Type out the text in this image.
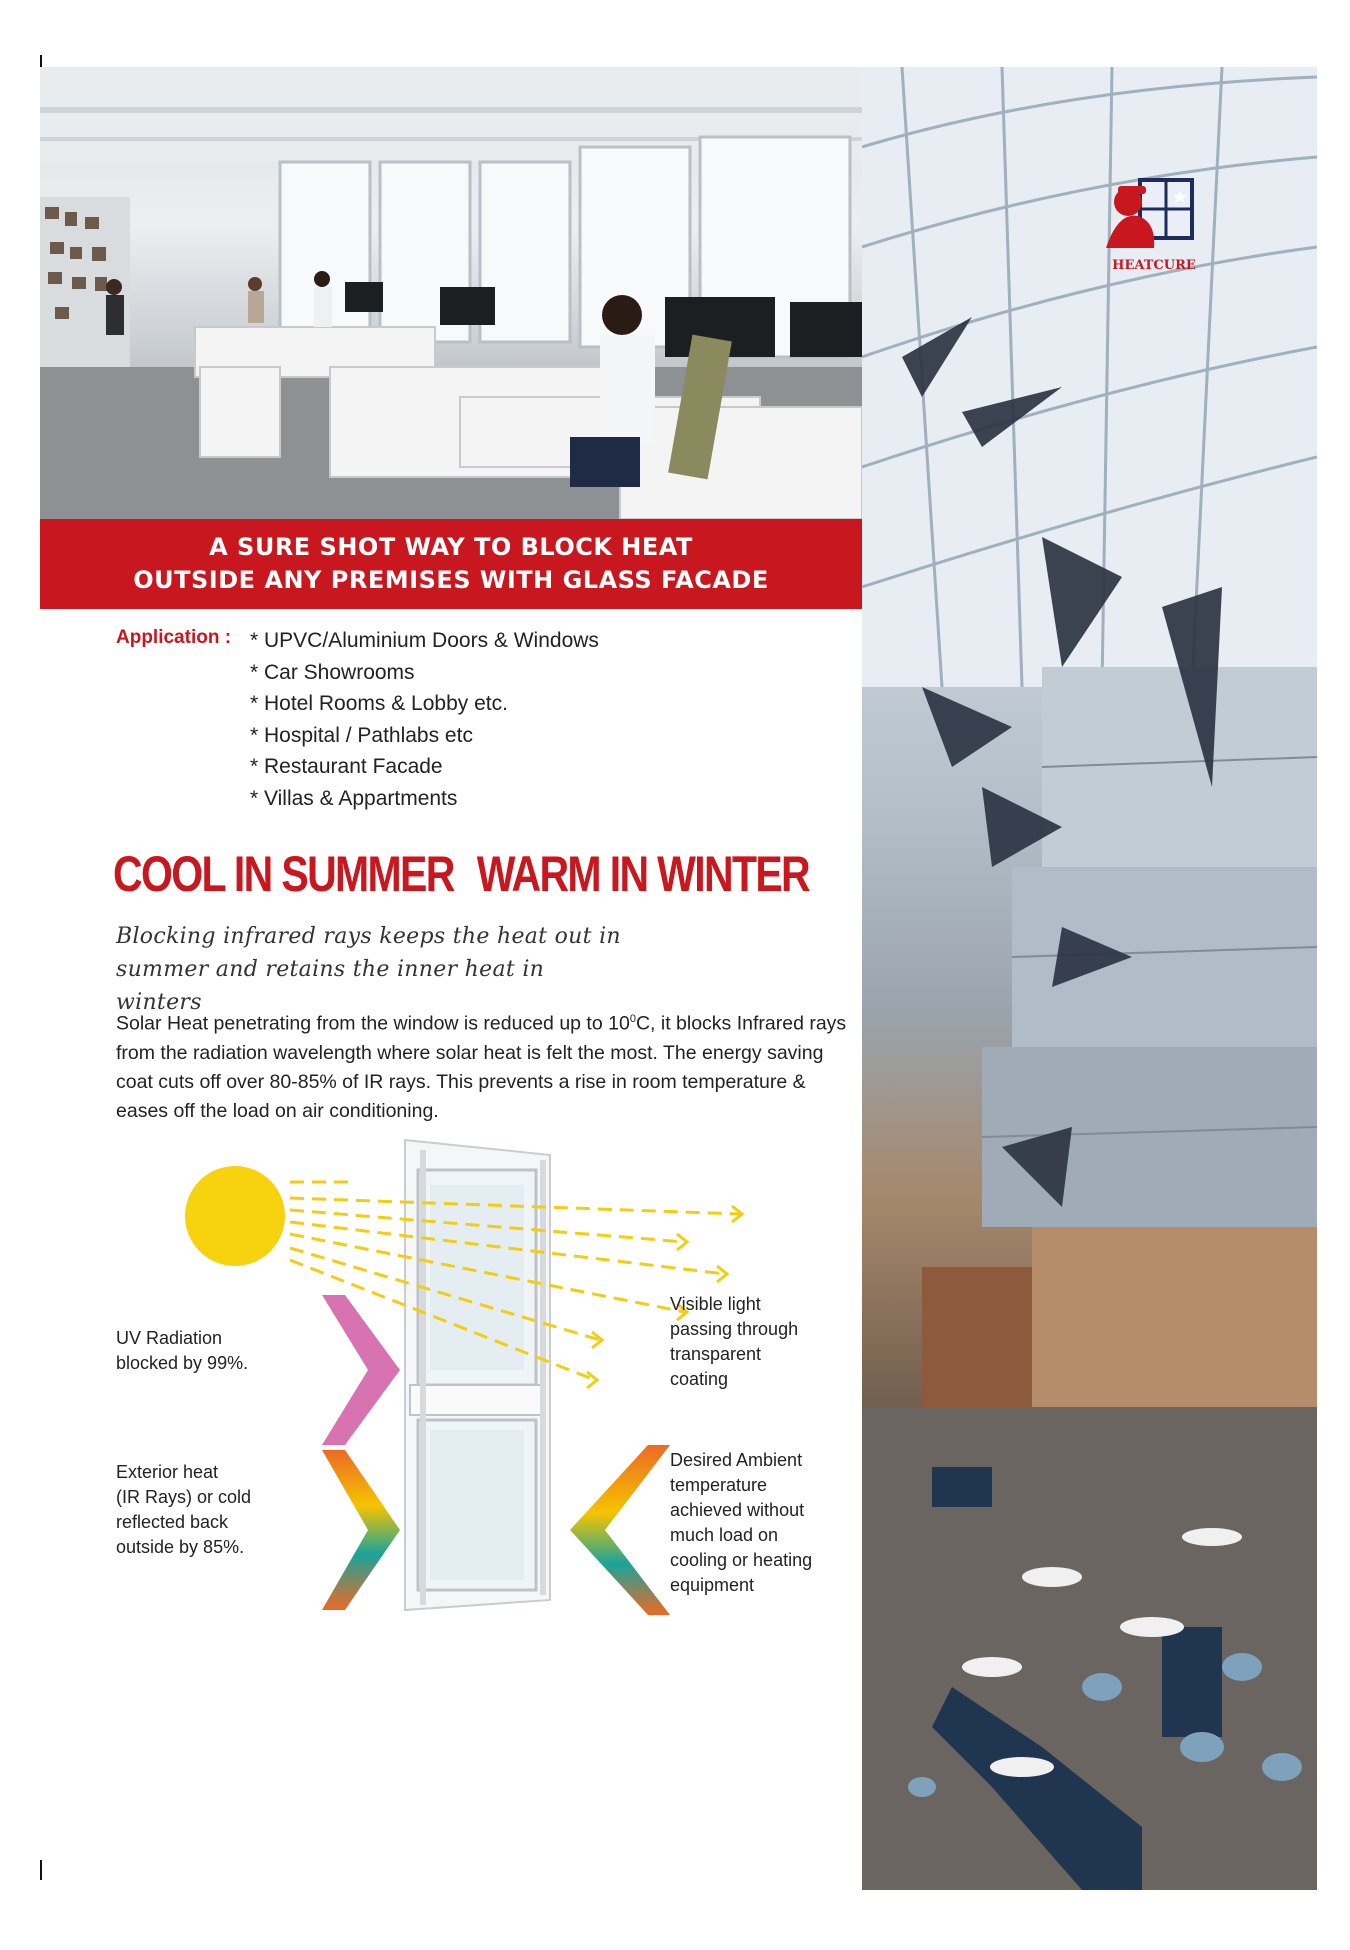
A SURE SHOT WAY TO BLOCK HEAT
OUTSIDE ANY PREMISES WITH GLASS FACADE
HEATCURE
Application : * UPVC/Aluminium Doors & Windows
* Car Showrooms
* Hotel Rooms & Lobby etc.
* Hospital / Pathlabs etc
* Restaurant Facade
* Villas & Appartments
COOL IN SUMMER WARM IN WINTER
Blocking infrared rays keeps the heat out in
summer and retains the inner heat in winters

Solar Heat penetrating from the window is reduced up to $10^0C$, it blocks Infrared rays from the radiation wavelength where solar heat is felt the most. The energy saving coat cuts off over 80-85% of IR rays. This prevents a rise in room temperature & eases off the load on air conditioning.

UV Radiation
blocked by 99%.
Exterior heat
(IR Rays) or cold
reflected back
outside by 85%.
Visible light
passing through
transparent
coating
Desired Ambient
temperature
achieved without
much load on
cooling or heating
equipment
